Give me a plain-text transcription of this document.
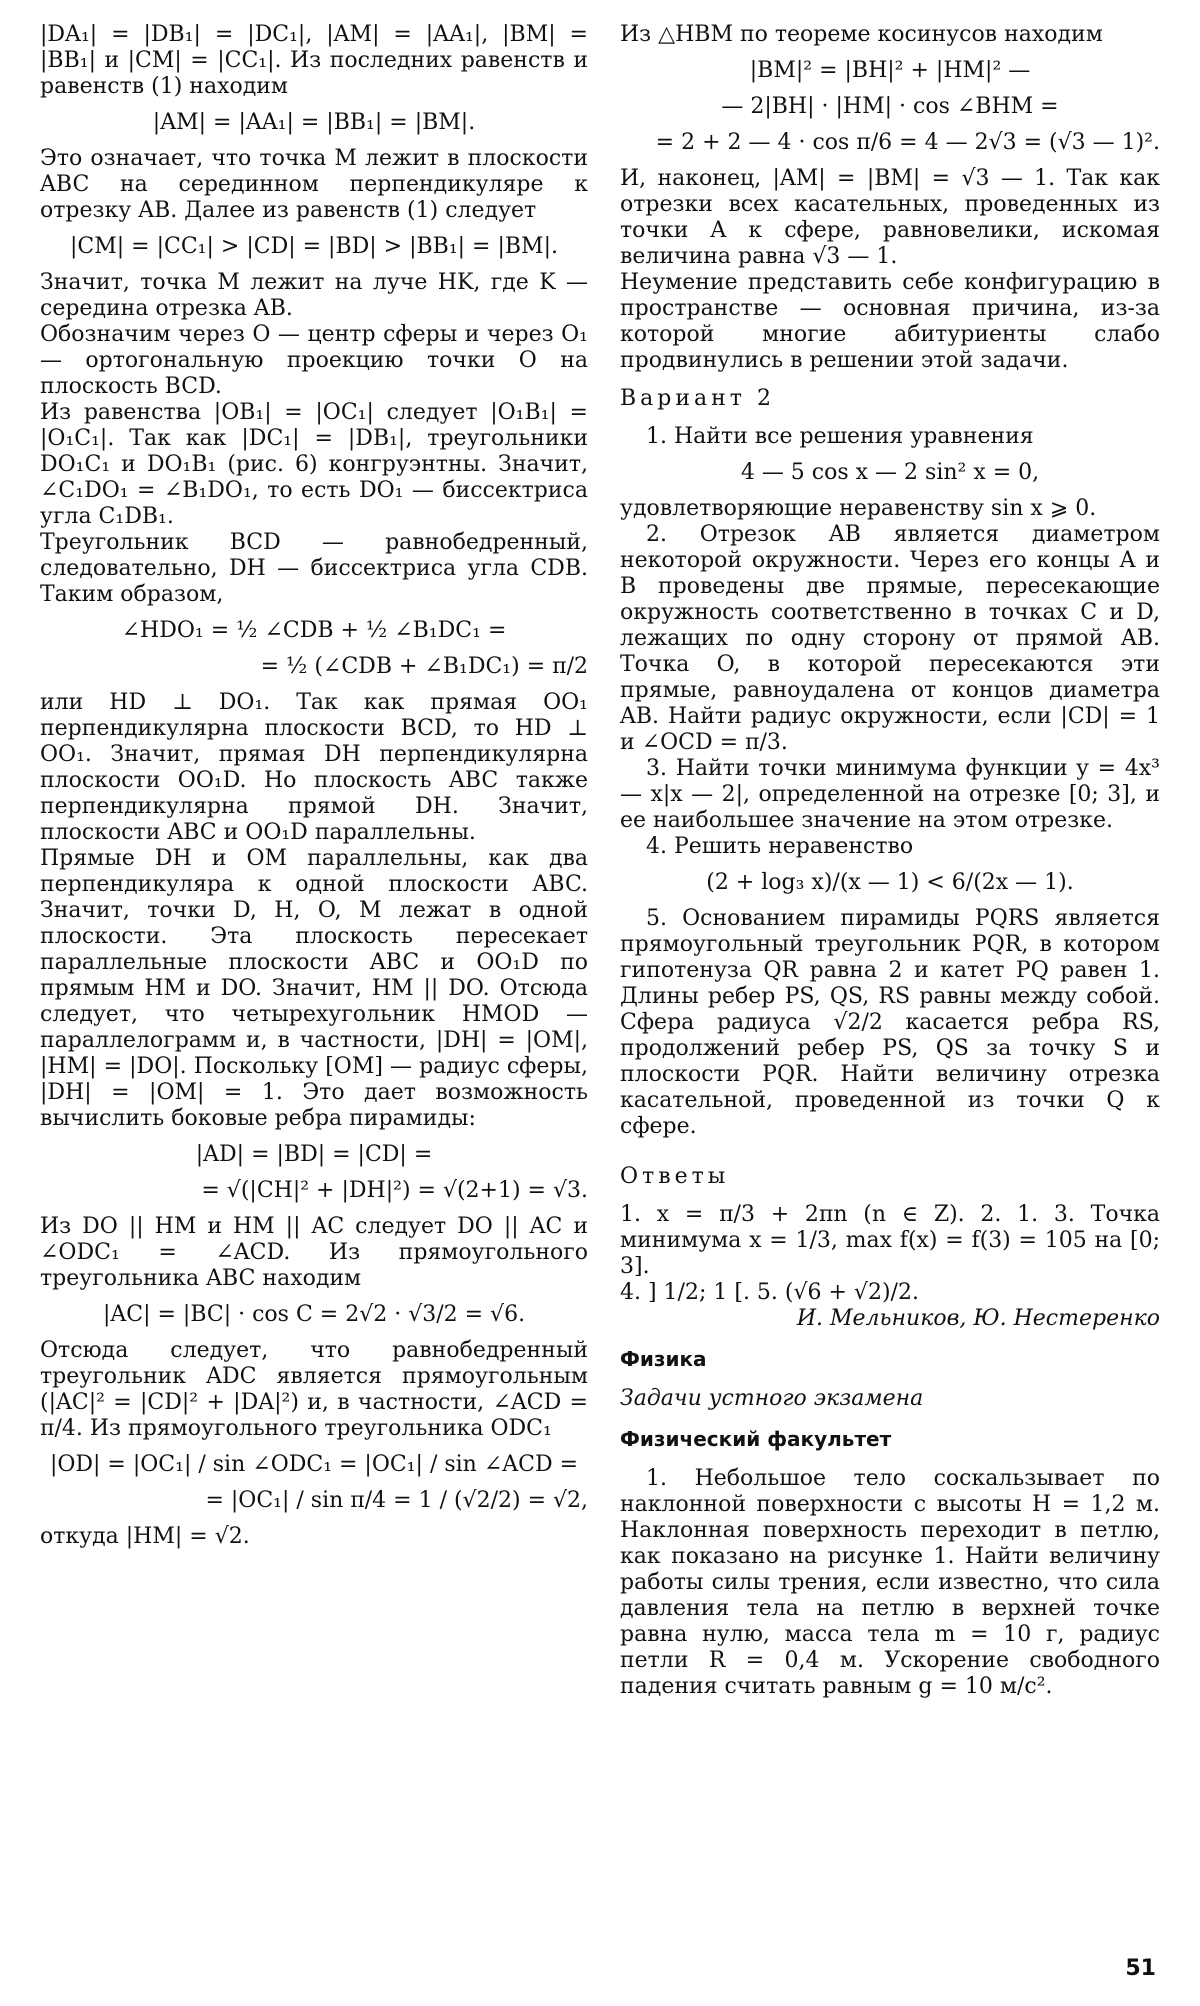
|DA₁| = |DB₁| = |DC₁|, |AM| = |AA₁|, |BM| = |BB₁| и |CM| = |CC₁|. Из последних равенств и равенств (1) находим

|AM| = |AA₁| = |BB₁| = |BM|.

Это означает, что точка M лежит в плоскости ABC на серединном перпендикуляре к отрезку AB. Далее из равенств (1) следует

|CM| = |CC₁| > |CD| = |BD| > |BB₁| = |BM|.

Значит, точка M лежит на луче HK, где K — середина отрезка AB.

Обозначим через O — центр сферы и через O₁ — ортогональную проекцию точки O на плоскость BCD.

Из равенства |OB₁| = |OC₁| следует |O₁B₁| = |O₁C₁|. Так как |DC₁| = |DB₁|, треугольники DO₁C₁ и DO₁B₁ (рис. 6) конгруэнтны. Значит, ∠C₁DO₁ = ∠B₁DO₁, то есть DO₁ — биссектриса угла C₁DB₁.

Треугольник BCD — равнобедренный, следовательно, DH — биссектриса угла CDB. Таким образом,

∠HDO₁ = ½ ∠CDB + ½ ∠B₁DC₁ =

= ½ (∠CDB + ∠B₁DC₁) = π/2

или HD ⊥ DO₁. Так как прямая OO₁ перпендикулярна плоскости BCD, то HD ⊥ OO₁. Значит, прямая DH перпендикулярна плоскости OO₁D. Но плоскость ABC также перпендикулярна прямой DH. Значит, плоскости ABC и OO₁D параллельны.

Прямые DH и OM параллельны, как два перпендикуляра к одной плоскости ABC. Значит, точки D, H, O, M лежат в одной плоскости. Эта плоскость пересекает параллельные плоскости ABC и OO₁D по прямым HM и DO. Значит, HM || DO. Отсюда следует, что четырехугольник HMOD — параллелограмм и, в частности, |DH| = |OM|, |HM| = |DO|. Поскольку [OM] — радиус сферы, |DH| = |OM| = 1. Это дает возможность вычислить боковые ребра пирамиды:

|AD| = |BD| = |CD| =

= √(|CH|² + |DH|²) = √(2+1) = √3.

Из DO || HM и HM || AC следует DO || AC и ∠ODC₁ = ∠ACD. Из прямоугольного треугольника ABC находим

|AC| = |BC| · cos C = 2√2 · √3/2 = √6.

Отсюда следует, что равнобедренный треугольник ADC является прямоугольным (|AC|² = |CD|² + |DA|²) и, в частности, ∠ACD = π/4. Из прямоугольного треугольника ODC₁

|OD| = |OC₁| / sin ∠ODC₁ = |OC₁| / sin ∠ACD =

= |OC₁| / sin π/4 = 1 / (√2/2) = √2,

откуда |HM| = √2.

Из △HBM по теореме косинусов находим

|BM|² = |BH|² + |HM|² —

— 2|BH| · |HM| · cos ∠BHM =

= 2 + 2 — 4 · cos π/6 = 4 — 2√3 = (√3 — 1)².

И, наконец, |AM| = |BM| = √3 — 1. Так как отрезки всех касательных, проведенных из точки A к сфере, равновелики, искомая величина равна √3 — 1.

Неумение представить себе конфигурацию в пространстве — основная причина, из-за которой многие абитуриенты слабо продвинулись в решении этой задачи.

Вариант 2

1. Найти все решения уравнения

4 — 5 cos x — 2 sin² x = 0,

удовлетворяющие неравенству sin x ⩾ 0.

2. Отрезок AB является диаметром некоторой окружности. Через его концы A и B проведены две прямые, пересекающие окружность соответственно в точках C и D, лежащих по одну сторону от прямой AB. Точка O, в которой пересекаются эти прямые, равноудалена от концов диаметра AB. Найти радиус окружности, если |CD| = 1 и ∠OCD = π/3.

3. Найти точки минимума функции y = 4x³ — x|x — 2|, определенной на отрезке [0; 3], и ее наибольшее значение на этом отрезке.

4. Решить неравенство

(2 + log₃ x)/(x — 1) < 6/(2x — 1).

5. Основанием пирамиды PQRS является прямоугольный треугольник PQR, в котором гипотенуза QR равна 2 и катет PQ равен 1. Длины ребер PS, QS, RS равны между собой. Сфера радиуса √2/2 касается ребра RS, продолжений ребер PS, QS за точку S и плоскости PQR. Найти величину отрезка касательной, проведенной из точки Q к сфере.

Ответы

1. x = π/3 + 2πn (n ∈ Z). 2. 1. 3. Точка минимума x = 1/3, max f(x) = f(3) = 105 на [0; 3].

4. ] 1/2; 1 [. 5. (√6 + √2)/2.

И. Мельников, Ю. Нестеренко

Физика

Задачи устного экзамена

Физический факультет

1. Небольшое тело соскальзывает по наклонной поверхности с высоты H = 1,2 м. Наклонная поверхность переходит в петлю, как показано на рисунке 1. Найти величину работы силы трения, если известно, что сила давления тела на петлю в верхней точке равна нулю, масса тела m = 10 г, радиус петли R = 0,4 м. Ускорение свободного падения считать равным g = 10 м/с².

51
